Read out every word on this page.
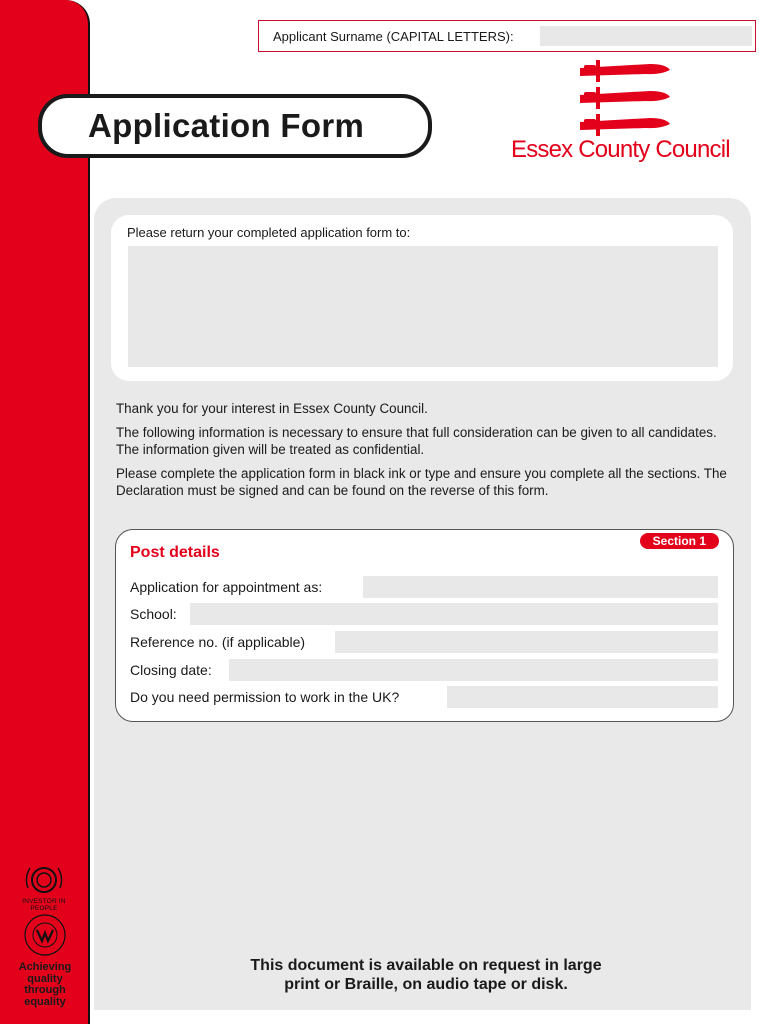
Applicant Surname (CAPITAL LETTERS):
Application Form
Essex County Council
Please return your completed application form to:

Thank you for your interest in Essex County Council.

The following information is necessary to ensure that full consideration can be given to all candidates. The information given will be treated as confidential.

Please complete the application form in black ink or type and ensure you complete all the sections. The Declaration must be signed and can be found on the reverse of this form.

Section 1
Post details
Application for appointment as:
School:
Reference no. (if applicable)
Closing date:
Do you need permission to work in the UK?
INVESTOR IN PEOPLE
Achieving quality through equality
This document is available on request in large
print or Braille, on audio tape or disk.
